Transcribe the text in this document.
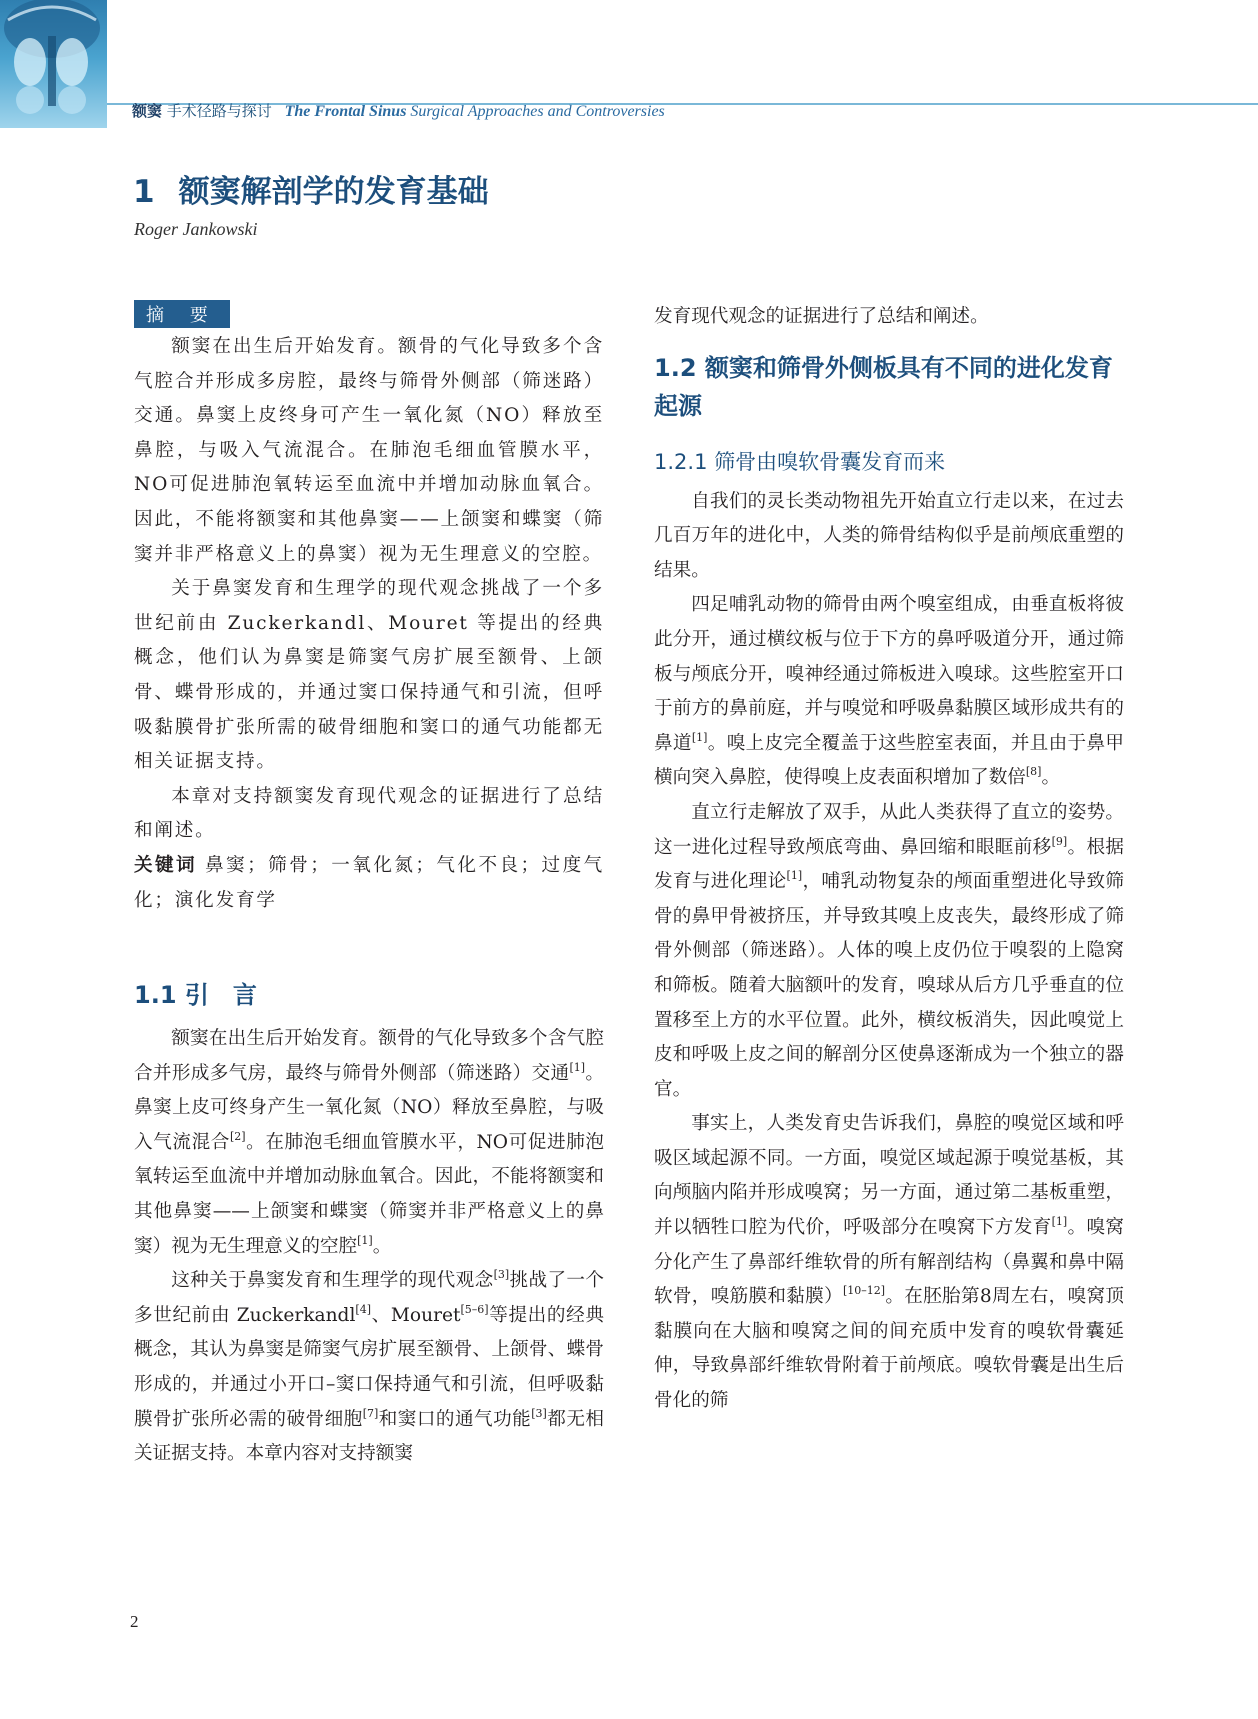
额窦 手术径路与探讨 The Frontal Sinus Surgical Approaches and Controversies
1 额窦解剖学的发育基础
Roger Jankowski
摘 要

额窦在出生后开始发育。额骨的气化导致多个含气腔合并形成多房腔，最终与筛骨外侧部（筛迷路）交通。鼻窦上皮终身可产生一氧化氮（NO）释放至鼻腔，与吸入气流混合。在肺泡毛细血管膜水平，NO可促进肺泡氧转运至血流中并增加动脉血氧合。因此，不能将额窦和其他鼻窦——上颌窦和蝶窦（筛窦并非严格意义上的鼻窦）视为无生理意义的空腔。

关于鼻窦发育和生理学的现代观念挑战了一个多世纪前由 Zuckerkandl、Mouret 等提出的经典概念，他们认为鼻窦是筛窦气房扩展至额骨、上颌骨、蝶骨形成的，并通过窦口保持通气和引流，但呼吸黏膜骨扩张所需的破骨细胞和窦口的通气功能都无相关证据支持。

本章对支持额窦发育现代观念的证据进行了总结和阐述。

关键词 鼻窦；筛骨；一氧化氮；气化不良；过度气化；演化发育学

1.1 引　言

额窦在出生后开始发育。额骨的气化导致多个含气腔合并形成多气房，最终与筛骨外侧部（筛迷路）交通[1]。鼻窦上皮可终身产生一氧化氮（NO）释放至鼻腔，与吸入气流混合[2]。在肺泡毛细血管膜水平，NO可促进肺泡氧转运至血流中并增加动脉血氧合。因此，不能将额窦和其他鼻窦——上颌窦和蝶窦（筛窦并非严格意义上的鼻窦）视为无生理意义的空腔[1]。

这种关于鼻窦发育和生理学的现代观念[3]挑战了一个多世纪前由 Zuckerkandl[4]、Mouret[5–6]等提出的经典概念，其认为鼻窦是筛窦气房扩展至额骨、上颌骨、蝶骨形成的，并通过小开口–窦口保持通气和引流，但呼吸黏膜骨扩张所必需的破骨细胞[7]和窦口的通气功能[3]都无相关证据支持。本章内容对支持额窦

发育现代观念的证据进行了总结和阐述。

1.2 额窦和筛骨外侧板具有不同的进化发育起源
1.2.1 筛骨由嗅软骨囊发育而来

自我们的灵长类动物祖先开始直立行走以来，在过去几百万年的进化中，人类的筛骨结构似乎是前颅底重塑的结果。

四足哺乳动物的筛骨由两个嗅室组成，由垂直板将彼此分开，通过横纹板与位于下方的鼻呼吸道分开，通过筛板与颅底分开，嗅神经通过筛板进入嗅球。这些腔室开口于前方的鼻前庭，并与嗅觉和呼吸鼻黏膜区域形成共有的鼻道[1]。嗅上皮完全覆盖于这些腔室表面，并且由于鼻甲横向突入鼻腔，使得嗅上皮表面积增加了数倍[8]。

直立行走解放了双手，从此人类获得了直立的姿势。这一进化过程导致颅底弯曲、鼻回缩和眼眶前移[9]。根据发育与进化理论[1]，哺乳动物复杂的颅面重塑进化导致筛骨的鼻甲骨被挤压，并导致其嗅上皮丧失，最终形成了筛骨外侧部（筛迷路）。人体的嗅上皮仍位于嗅裂的上隐窝和筛板。随着大脑额叶的发育，嗅球从后方几乎垂直的位置移至上方的水平位置。此外，横纹板消失，因此嗅觉上皮和呼吸上皮之间的解剖分区使鼻逐渐成为一个独立的器官。

事实上，人类发育史告诉我们，鼻腔的嗅觉区域和呼吸区域起源不同。一方面，嗅觉区域起源于嗅觉基板，其向颅脑内陷并形成嗅窝；另一方面，通过第二基板重塑，并以牺牲口腔为代价，呼吸部分在嗅窝下方发育[1]。嗅窝分化产生了鼻部纤维软骨的所有解剖结构（鼻翼和鼻中隔软骨，嗅筋膜和黏膜）[10–12]。在胚胎第8周左右，嗅窝顶黏膜向在大脑和嗅窝之间的间充质中发育的嗅软骨囊延伸，导致鼻部纤维软骨附着于前颅底。嗅软骨囊是出生后骨化的筛

2
